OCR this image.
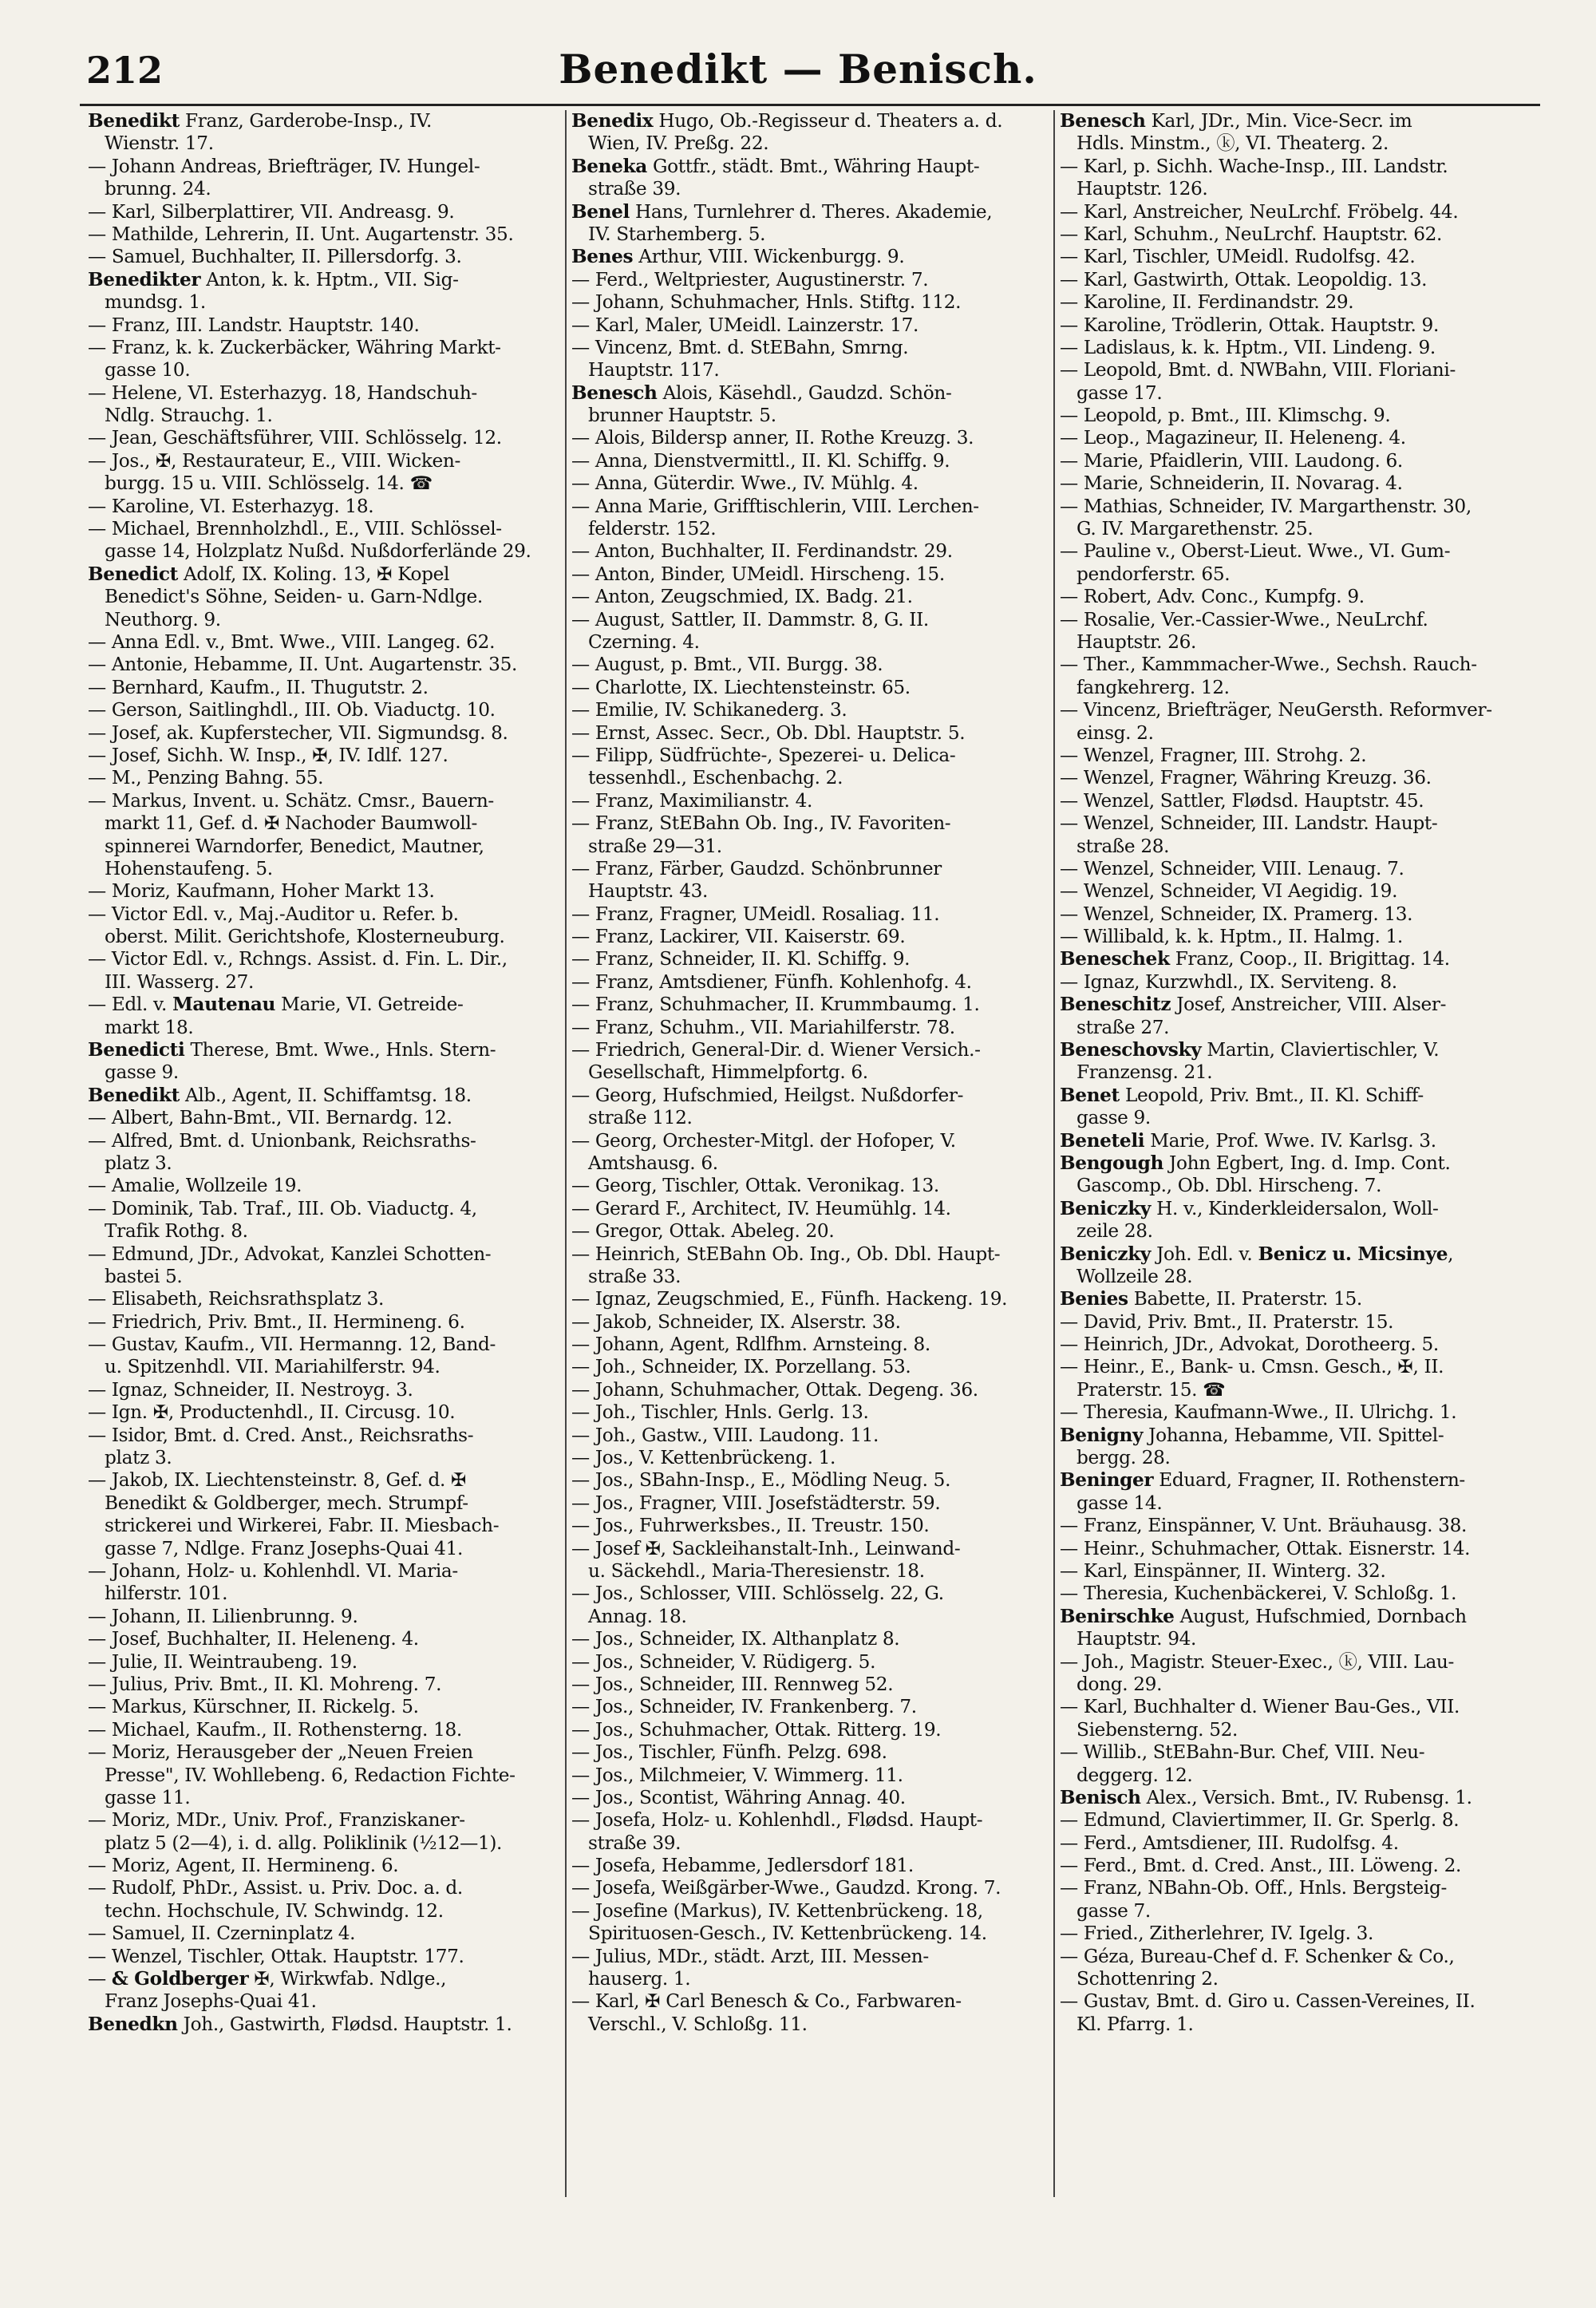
212	Benedikt — Benisch.
Benedikt Franz, Garderobe-Insp., IV.
Wienstr. 17.
— Johann Andreas, Briefträger, IV. Hungel-
brunng. 24.
— Karl, Silberplattirer, VII. Andreasg. 9.
— Mathilde, Lehrerin, II. Unt. Augartenstr. 35.
— Samuel, Buchhalter, II. Pillersdorfg. 3.
Benedikter Anton, k. k. Hptm., VII. Sig-
mundsg. 1.
— Franz, III. Landstr. Hauptstr. 140.
— Franz, k. k. Zuckerbäcker, Währing Markt-
gasse 10.
— Helene, VI. Esterhazyg. 18, Handschuh-
Ndlg. Strauchg. 1.
— Jean, Geschäftsführer, VIII. Schlösselg. 12.
— Jos., ✠, Restaurateur, E., VIII. Wicken-
burgg. 15 u. VIII. Schlösselg. 14. ☎
— Karoline, VI. Esterhazyg. 18.
— Michael, Brennholzhdl., E., VIII. Schlössel-
gasse 14, Holzplatz Nußd. Nußdorferlände 29.
Benedict Adolf, IX. Koling. 13, ✠ Kopel
Benedict's Söhne, Seiden- u. Garn-Ndlge.
Neuthorg. 9.
— Anna Edl. v., Bmt. Wwe., VIII. Langeg. 62.
— Antonie, Hebamme, II. Unt. Augartenstr. 35.
— Bernhard, Kaufm., II. Thugutstr. 2.
— Gerson, Saitlinghdl., III. Ob. Viaductg. 10.
— Josef, ak. Kupferstecher, VII. Sigmundsg. 8.
— Josef, Sichh. W. Insp., ✠, IV. Idlf. 127.
— M., Penzing Bahng. 55.
— Markus, Invent. u. Schätz. Cmsr., Bauern-
markt 11, Gef. d. ✠ Nachoder Baumwoll-
spinnerei Warndorfer, Benedict, Mautner,
Hohenstaufeng. 5.
— Moriz, Kaufmann, Hoher Markt 13.
— Victor Edl. v., Maj.-Auditor u. Refer. b.
oberst. Milit. Gerichtshofe, Klosterneuburg.
— Victor Edl. v., Rchngs. Assist. d. Fin. L. Dir.,
III. Wasserg. 27.
— Edl. v. Mautenau Marie, VI. Getreide-
markt 18.
Benedicti Therese, Bmt. Wwe., Hnls. Stern-
gasse 9.
Benedikt Alb., Agent, II. Schiffamtsg. 18.
— Albert, Bahn-Bmt., VII. Bernardg. 12.
— Alfred, Bmt. d. Unionbank, Reichsraths-
platz 3.
— Amalie, Wollzeile 19.
— Dominik, Tab. Traf., III. Ob. Viaductg. 4,
Trafik Rothg. 8.
— Edmund, JDr., Advokat, Kanzlei Schotten-
bastei 5.
— Elisabeth, Reichsrathsplatz 3.
— Friedrich, Priv. Bmt., II. Hermineng. 6.
— Gustav, Kaufm., VII. Hermanng. 12, Band-
u. Spitzenhdl. VII. Mariahilferstr. 94.
— Ignaz, Schneider, II. Nestroyg. 3.
— Ign. ✠, Productenhdl., II. Circusg. 10.
— Isidor, Bmt. d. Cred. Anst., Reichsraths-
platz 3.
— Jakob, IX. Liechtensteinstr. 8, Gef. d. ✠
Benedikt & Goldberger, mech. Strumpf-
strickerei und Wirkerei, Fabr. II. Miesbach-
gasse 7, Ndlge. Franz Josephs-Quai 41.
— Johann, Holz- u. Kohlenhdl. VI. Maria-
hilferstr. 101.
— Johann, II. Lilienbrunng. 9.
— Josef, Buchhalter, II. Heleneng. 4.
— Julie, II. Weintraubeng. 19.
— Julius, Priv. Bmt., II. Kl. Mohreng. 7.
— Markus, Kürschner, II. Rickelg. 5.
— Michael, Kaufm., II. Rothensterng. 18.
— Moriz, Herausgeber der „Neuen Freien
Presse", IV. Wohllebeng. 6, Redaction Fichte-
gasse 11.
— Moriz, MDr., Univ. Prof., Franziskaner-
platz 5 (2—4), i. d. allg. Poliklinik (½12—1).
— Moriz, Agent, II. Hermineng. 6.
— Rudolf, PhDr., Assist. u. Priv. Doc. a. d.
techn. Hochschule, IV. Schwindg. 12.
— Samuel, II. Czerninplatz 4.
— Wenzel, Tischler, Ottak. Hauptstr. 177.
— & Goldberger ✠, Wirkwfab. Ndlge.,
Franz Josephs-Quai 41.
Benedkn Joh., Gastwirth, Flødsd. Hauptstr. 1.
Benedix Hugo, Ob.-Regisseur d. Theaters a. d.
Wien, IV. Preßg. 22.
Beneka Gottfr., städt. Bmt., Währing Haupt-
straße 39.
Benel Hans, Turnlehrer d. Theres. Akademie,
IV. Starhemberg. 5.
Benes Arthur, VIII. Wickenburgg. 9.
— Ferd., Weltpriester, Augustinerstr. 7.
— Johann, Schuhmacher, Hnls. Stiftg. 112.
— Karl, Maler, UMeidl. Lainzerstr. 17.
— Vincenz, Bmt. d. StEBahn, Smrng.
Hauptstr. 117.
Benesch Alois, Käsehdl., Gaudzd. Schön-
brunner Hauptstr. 5.
— Alois, Bildersp anner, II. Rothe Kreuzg. 3.
— Anna, Dienstvermittl., II. Kl. Schiffg. 9.
— Anna, Güterdir. Wwe., IV. Mühlg. 4.
— Anna Marie, Grifftischlerin, VIII. Lerchen-
felderstr. 152.
— Anton, Buchhalter, II. Ferdinandstr. 29.
— Anton, Binder, UMeidl. Hirscheng. 15.
— Anton, Zeugschmied, IX. Badg. 21.
— August, Sattler, II. Dammstr. 8, G. II.
Czerning. 4.
— August, p. Bmt., VII. Burgg. 38.
— Charlotte, IX. Liechtensteinstr. 65.
— Emilie, IV. Schikanederg. 3.
— Ernst, Assec. Secr., Ob. Dbl. Hauptstr. 5.
— Filipp, Südfrüchte-, Spezerei- u. Delica-
tessenhdl., Eschenbachg. 2.
— Franz, Maximilianstr. 4.
— Franz, StEBahn Ob. Ing., IV. Favoriten-
straße 29—31.
— Franz, Färber, Gaudzd. Schönbrunner
Hauptstr. 43.
— Franz, Fragner, UMeidl. Rosaliag. 11.
— Franz, Lackirer, VII. Kaiserstr. 69.
— Franz, Schneider, II. Kl. Schiffg. 9.
— Franz, Amtsdiener, Fünfh. Kohlenhofg. 4.
— Franz, Schuhmacher, II. Krummbaumg. 1.
— Franz, Schuhm., VII. Mariahilferstr. 78.
— Friedrich, General-Dir. d. Wiener Versich.-
Gesellschaft, Himmelpfortg. 6.
— Georg, Hufschmied, Heilgst. Nußdorfer-
straße 112.
— Georg, Orchester-Mitgl. der Hofoper, V.
Amtshausg. 6.
— Georg, Tischler, Ottak. Veronikag. 13.
— Gerard F., Architect, IV. Heumühlg. 14.
— Gregor, Ottak. Abeleg. 20.
— Heinrich, StEBahn Ob. Ing., Ob. Dbl. Haupt-
straße 33.
— Ignaz, Zeugschmied, E., Fünfh. Hackeng. 19.
— Jakob, Schneider, IX. Alserstr. 38.
— Johann, Agent, Rdlfhm. Arnsteing. 8.
— Joh., Schneider, IX. Porzellang. 53.
— Johann, Schuhmacher, Ottak. Degeng. 36.
— Joh., Tischler, Hnls. Gerlg. 13.
— Joh., Gastw., VIII. Laudong. 11.
— Jos., V. Kettenbrückeng. 1.
— Jos., SBahn-Insp., E., Mödling Neug. 5.
— Jos., Fragner, VIII. Josefstädterstr. 59.
— Jos., Fuhrwerksbes., II. Treustr. 150.
— Josef ✠, Sackleihanstalt-Inh., Leinwand-
u. Säckehdl., Maria-Theresienstr. 18.
— Jos., Schlosser, VIII. Schlösselg. 22, G.
Annag. 18.
— Jos., Schneider, IX. Althanplatz 8.
— Jos., Schneider, V. Rüdigerg. 5.
— Jos., Schneider, III. Rennweg 52.
— Jos., Schneider, IV. Frankenberg. 7.
— Jos., Schuhmacher, Ottak. Ritterg. 19.
— Jos., Tischler, Fünfh. Pelzg. 698.
— Jos., Milchmeier, V. Wimmerg. 11.
— Jos., Scontist, Währing Annag. 40.
— Josefa, Holz- u. Kohlenhdl., Flødsd. Haupt-
straße 39.
— Josefa, Hebamme, Jedlersdorf 181.
— Josefa, Weißgärber-Wwe., Gaudzd. Krong. 7.
— Josefine (Markus), IV. Kettenbrückeng. 18,
Spirituosen-Gesch., IV. Kettenbrückeng. 14.
— Julius, MDr., städt. Arzt, III. Messen-
hauserg. 1.
— Karl, ✠ Carl Benesch & Co., Farbwaren-
Verschl., V. Schloßg. 11.
Benesch Karl, JDr., Min. Vice-Secr. im
Hdls. Minstm., ⓚ, VI. Theaterg. 2.
— Karl, p. Sichh. Wache-Insp., III. Landstr.
Hauptstr. 126.
— Karl, Anstreicher, NeuLrchf. Fröbelg. 44.
— Karl, Schuhm., NeuLrchf. Hauptstr. 62.
— Karl, Tischler, UMeidl. Rudolfsg. 42.
— Karl, Gastwirth, Ottak. Leopoldig. 13.
— Karoline, II. Ferdinandstr. 29.
— Karoline, Trödlerin, Ottak. Hauptstr. 9.
— Ladislaus, k. k. Hptm., VII. Lindeng. 9.
— Leopold, Bmt. d. NWBahn, VIII. Floriani-
gasse 17.
— Leopold, p. Bmt., III. Klimschg. 9.
— Leop., Magazineur, II. Heleneng. 4.
— Marie, Pfaidlerin, VIII. Laudong. 6.
— Marie, Schneiderin, II. Novarag. 4.
— Mathias, Schneider, IV. Margarthenstr. 30,
G. IV. Margarethenstr. 25.
— Pauline v., Oberst-Lieut. Wwe., VI. Gum-
pendorferstr. 65.
— Robert, Adv. Conc., Kumpfg. 9.
— Rosalie, Ver.-Cassier-Wwe., NeuLrchf.
Hauptstr. 26.
— Ther., Kammmacher-Wwe., Sechsh. Rauch-
fangkehrerg. 12.
— Vincenz, Briefträger, NeuGersth. Reformver-
einsg. 2.
— Wenzel, Fragner, III. Strohg. 2.
— Wenzel, Fragner, Währing Kreuzg. 36.
— Wenzel, Sattler, Flødsd. Hauptstr. 45.
— Wenzel, Schneider, III. Landstr. Haupt-
straße 28.
— Wenzel, Schneider, VIII. Lenaug. 7.
— Wenzel, Schneider, VI Aegidig. 19.
— Wenzel, Schneider, IX. Pramerg. 13.
— Willibald, k. k. Hptm., II. Halmg. 1.
Beneschek Franz, Coop., II. Brigittag. 14.
— Ignaz, Kurzwhdl., IX. Serviteng. 8.
Beneschitz Josef, Anstreicher, VIII. Alser-
straße 27.
Beneschovsky Martin, Claviertischler, V.
Franzensg. 21.
Benet Leopold, Priv. Bmt., II. Kl. Schiff-
gasse 9.
Beneteli Marie, Prof. Wwe. IV. Karlsg. 3.
Bengough John Egbert, Ing. d. Imp. Cont.
Gascomp., Ob. Dbl. Hirscheng. 7.
Beniczky H. v., Kinderkleidersalon, Woll-
zeile 28.
Beniczky Joh. Edl. v. Benicz u. Micsinye,
Wollzeile 28.
Benies Babette, II. Praterstr. 15.
— David, Priv. Bmt., II. Praterstr. 15.
— Heinrich, JDr., Advokat, Dorotheerg. 5.
— Heinr., E., Bank- u. Cmsn. Gesch., ✠, II.
Praterstr. 15. ☎
— Theresia, Kaufmann-Wwe., II. Ulrichg. 1.
Benigny Johanna, Hebamme, VII. Spittel-
bergg. 28.
Beninger Eduard, Fragner, II. Rothenstern-
gasse 14.
— Franz, Einspänner, V. Unt. Bräuhausg. 38.
— Heinr., Schuhmacher, Ottak. Eisnerstr. 14.
— Karl, Einspänner, II. Winterg. 32.
— Theresia, Kuchenbäckerei, V. Schloßg. 1.
Benirschke August, Hufschmied, Dornbach
Hauptstr. 94.
— Joh., Magistr. Steuer-Exec., ⓚ, VIII. Lau-
dong. 29.
— Karl, Buchhalter d. Wiener Bau-Ges., VII.
Siebensterng. 52.
— Willib., StEBahn-Bur. Chef, VIII. Neu-
deggerg. 12.
Benisch Alex., Versich. Bmt., IV. Rubensg. 1.
— Edmund, Claviertimmer, II. Gr. Sperlg. 8.
— Ferd., Amtsdiener, III. Rudolfsg. 4.
— Ferd., Bmt. d. Cred. Anst., III. Löweng. 2.
— Franz, NBahn-Ob. Off., Hnls. Bergsteig-
gasse 7.
— Fried., Zitherlehrer, IV. Igelg. 3.
— Géza, Bureau-Chef d. F. Schenker & Co.,
Schottenring 2.
— Gustav, Bmt. d. Giro u. Cassen-Vereines, II.
Kl. Pfarrg. 1.
